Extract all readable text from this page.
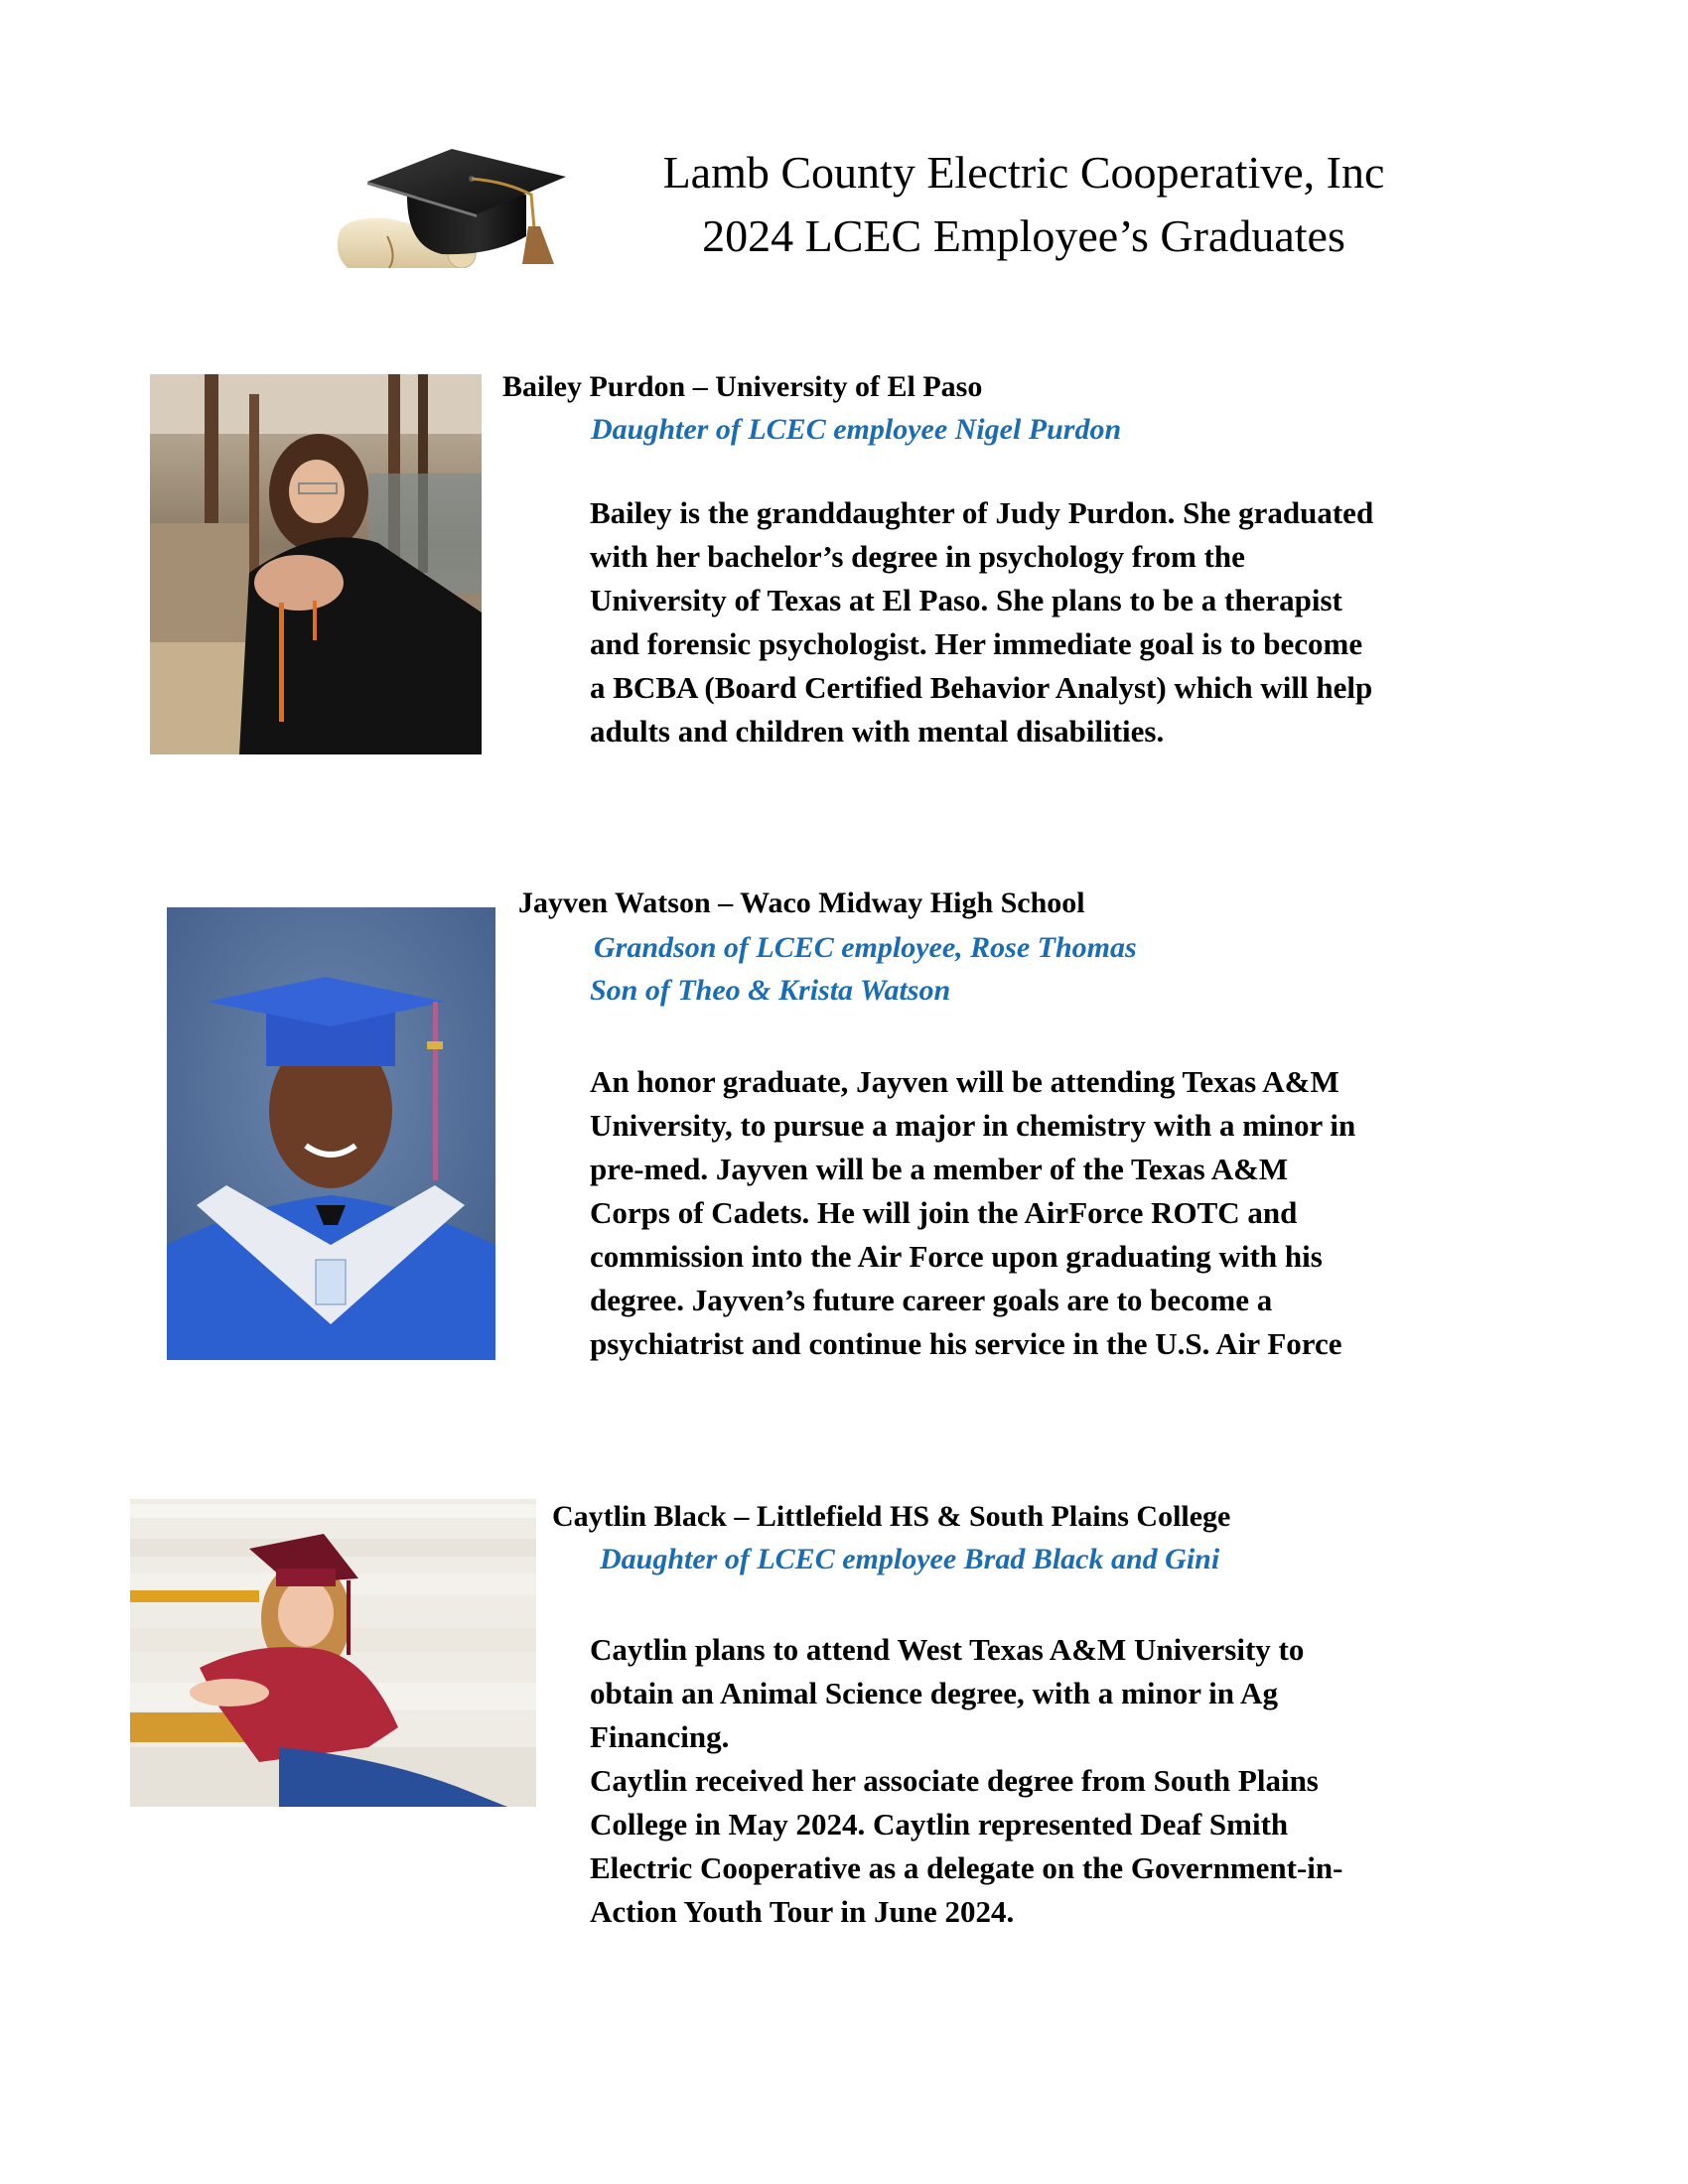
Lamb County Electric Cooperative, Inc
2024 LCEC Employee’s Graduates
Bailey Purdon – University of El Paso
Daughter of LCEC employee Nigel Purdon
Bailey is the granddaughter of Judy Purdon. She graduated
with her bachelor’s degree in psychology from the
University of Texas at El Paso. She plans to be a therapist
and forensic psychologist. Her immediate goal is to become
a BCBA (Board Certified Behavior Analyst) which will help
adults and children with mental disabilities.
Jayven Watson – Waco Midway High School
Grandson of LCEC employee, Rose Thomas
Son of Theo & Krista Watson
An honor graduate, Jayven will be attending Texas A&M
University, to pursue a major in chemistry with a minor in
pre-med. Jayven will be a member of the Texas A&M
Corps of Cadets. He will join the AirForce ROTC and
commission into the Air Force upon graduating with his
degree. Jayven’s future career goals are to become a
psychiatrist and continue his service in the U.S. Air Force
Caytlin Black – Littlefield HS & South Plains College
Daughter of LCEC employee Brad Black and Gini
Caytlin plans to attend West Texas A&M University to
obtain an Animal Science degree, with a minor in Ag
Financing.
Caytlin received her associate degree from South Plains
College in May 2024. Caytlin represented Deaf Smith
Electric Cooperative as a delegate on the Government-in-
Action Youth Tour in June 2024.
